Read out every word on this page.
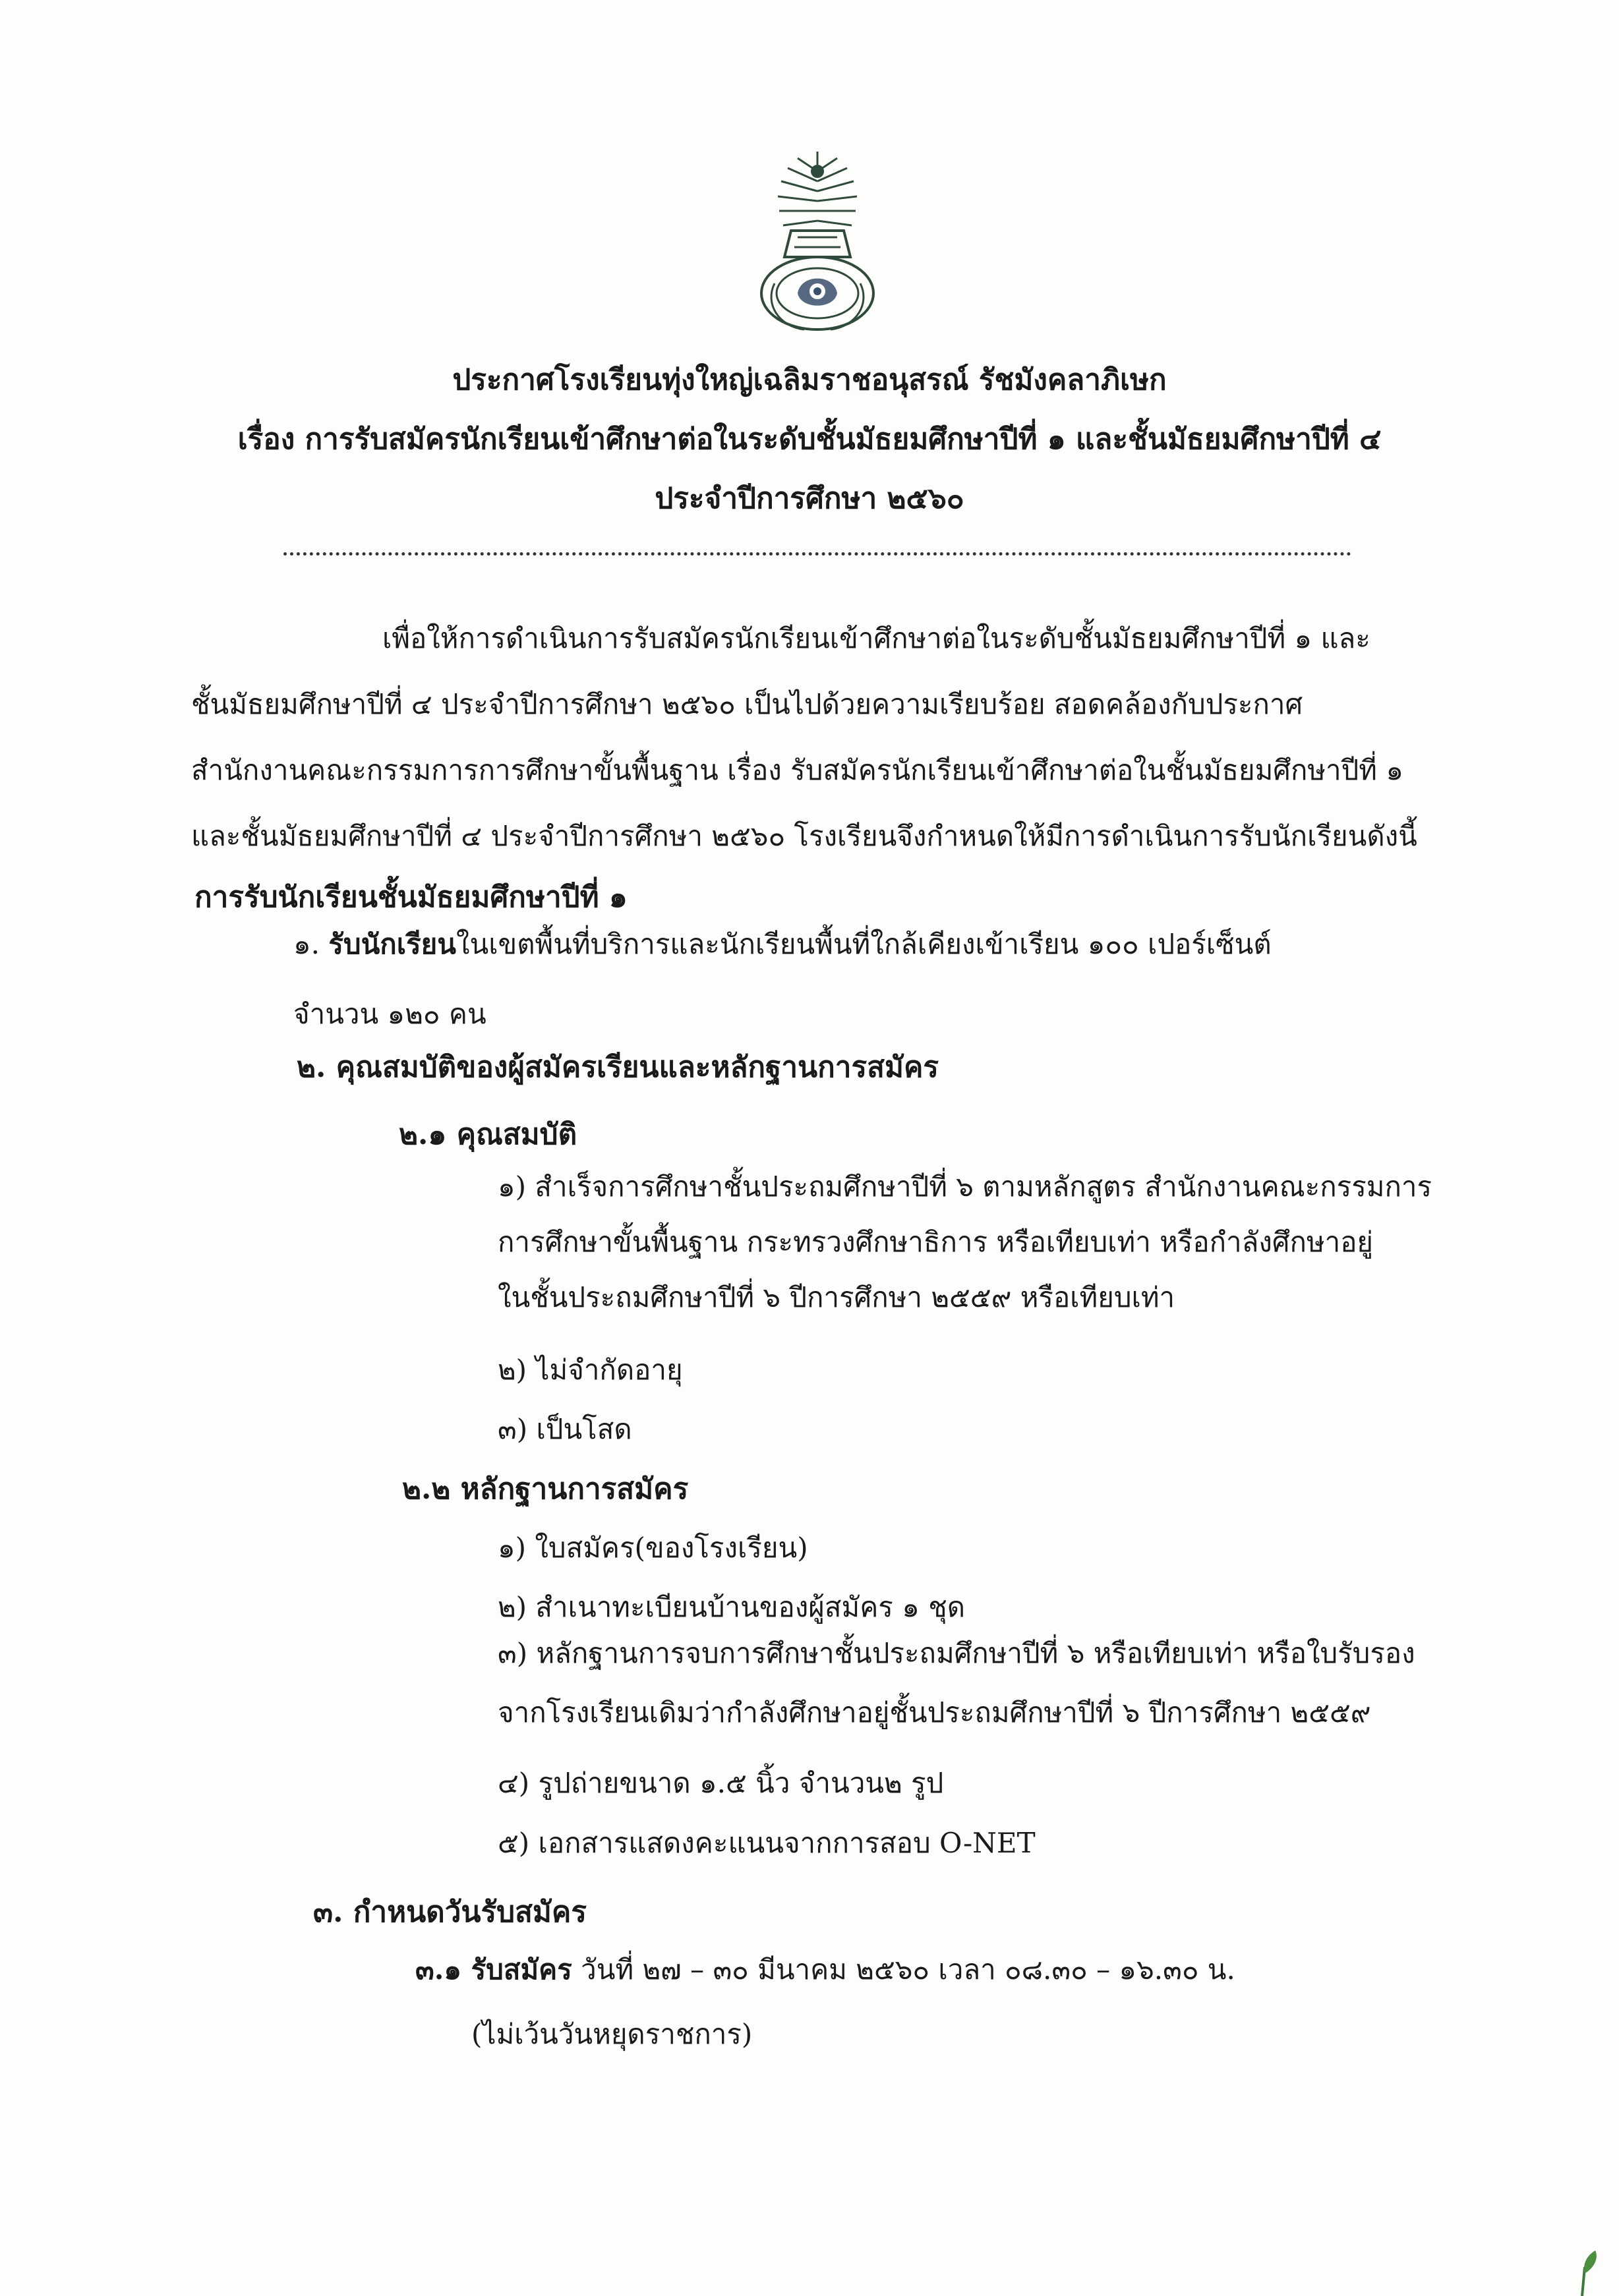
ประกาศโรงเรียนทุ่งใหญ่เฉลิมราชอนุสรณ์ รัชมังคลาภิเษก
เรื่อง การรับสมัครนักเรียนเข้าศึกษาต่อในระดับชั้นมัธยมศึกษาปีที่ ๑ และชั้นมัธยมศึกษาปีที่ ๔
ประจำปีการศึกษา ๒๕๖๐
เพื่อให้การดำเนินการรับสมัครนักเรียนเข้าศึกษาต่อในระดับชั้นมัธยมศึกษาปีที่ ๑ และ
ชั้นมัธยมศึกษาปีที่ ๔ ประจำปีการศึกษา ๒๕๖๐ เป็นไปด้วยความเรียบร้อย สอดคล้องกับประกาศ
สำนักงานคณะกรรมการการศึกษาขั้นพื้นฐาน เรื่อง รับสมัครนักเรียนเข้าศึกษาต่อในชั้นมัธยมศึกษาปีที่ ๑
และชั้นมัธยมศึกษาปีที่ ๔ ประจำปีการศึกษา ๒๕๖๐ โรงเรียนจึงกำหนดให้มีการดำเนินการรับนักเรียนดังนี้
การรับนักเรียนชั้นมัธยมศึกษาปีที่ ๑
๑. รับนักเรียนในเขตพื้นที่บริการและนักเรียนพื้นที่ใกล้เคียงเข้าเรียน ๑๐๐ เปอร์เซ็นต์
จำนวน ๑๒๐ คน
๒. คุณสมบัติของผู้สมัครเรียนและหลักฐานการสมัคร
๒.๑ คุณสมบัติ
๑) สำเร็จการศึกษาชั้นประถมศึกษาปีที่ ๖ ตามหลักสูตร สำนักงานคณะกรรมการ
การศึกษาขั้นพื้นฐาน กระทรวงศึกษาธิการ หรือเทียบเท่า หรือกำลังศึกษาอยู่
ในชั้นประถมศึกษาปีที่ ๖ ปีการศึกษา ๒๕๕๙ หรือเทียบเท่า
๒) ไม่จำกัดอายุ
๓) เป็นโสด
๒.๒ หลักฐานการสมัคร
๑) ใบสมัคร(ของโรงเรียน)
๒) สำเนาทะเบียนบ้านของผู้สมัคร ๑ ชุด
๓) หลักฐานการจบการศึกษาชั้นประถมศึกษาปีที่ ๖ หรือเทียบเท่า หรือใบรับรอง
จากโรงเรียนเดิมว่ากำลังศึกษาอยู่ชั้นประถมศึกษาปีที่ ๖ ปีการศึกษา ๒๕๕๙
๔) รูปถ่ายขนาด ๑.๕ นิ้ว จำนวน๒ รูป
๕) เอกสารแสดงคะแนนจากการสอบ O-NET
๓. กำหนดวันรับสมัคร
๓.๑ รับสมัคร วันที่ ๒๗ – ๓๐ มีนาคม ๒๕๖๐ เวลา ๐๘.๓๐ – ๑๖.๓๐ น.
(ไม่เว้นวันหยุดราชการ)
